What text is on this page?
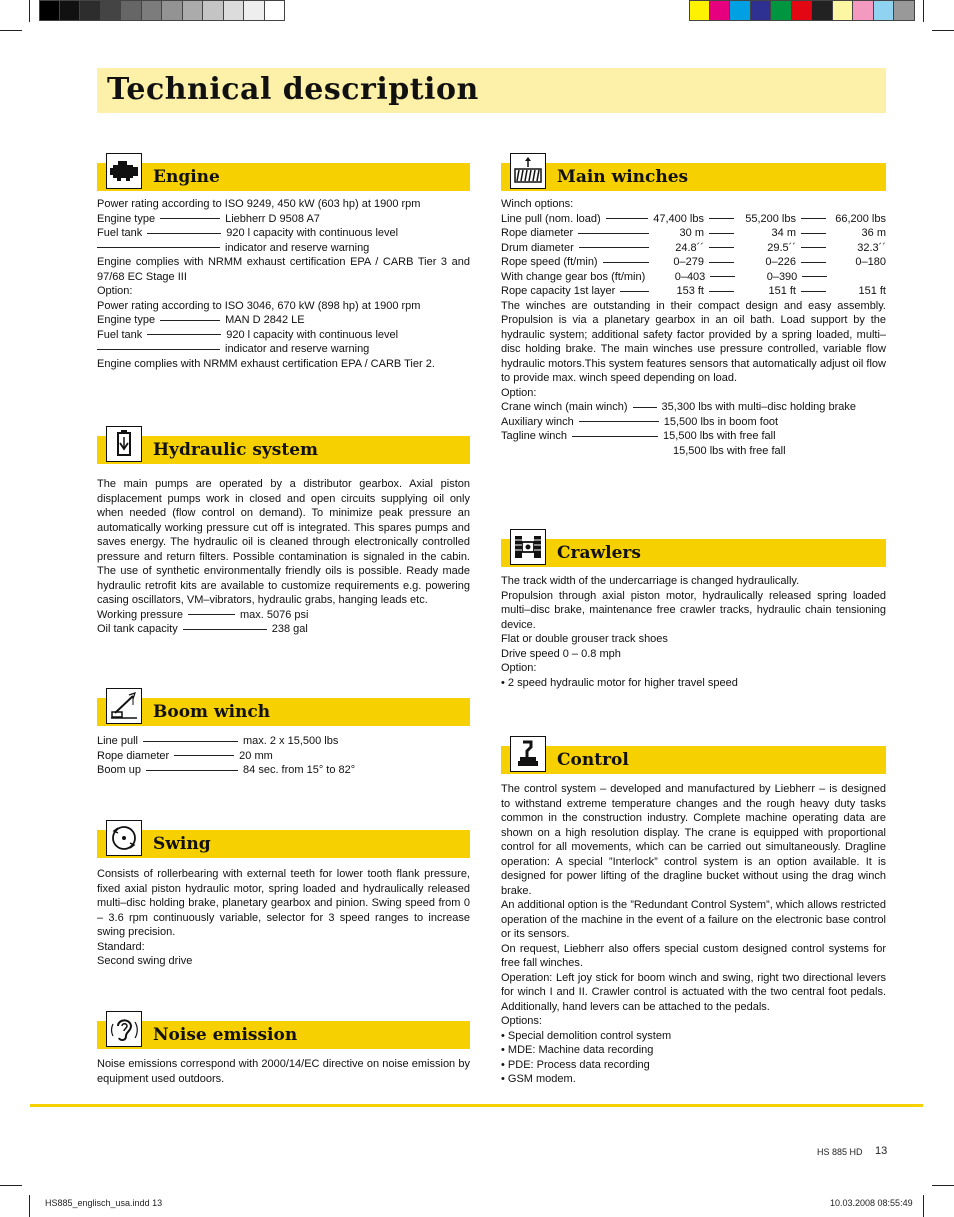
Technical description
Engine
Power rating according to ISO 9249, 450 kW (603 hp) at 1900 rpm
Engine type	Liebherr D 9508 A7
Fuel tank	920 l capacity with continuous level
indicator and reserve warning
Engine complies with NRMM exhaust certification EPA / CARB Tier 3 and 97/68 EC Stage III
Option:
Power rating according to ISO 3046, 670 kW (898 hp) at 1900 rpm
Engine type	MAN D 2842 LE
Fuel tank	920 l capacity with continuous level
indicator and reserve warning
Engine complies with NRMM exhaust certification EPA / CARB Tier 2.
Hydraulic system
The main pumps are operated by a distributor gearbox. Axial piston displacement pumps work in closed and open circuits supplying oil only when needed (flow control on demand). To minimize peak pressure an automatically working pressure cut off is integrated. This spares pumps and saves energy. The hydraulic oil is cleaned through electronically controlled pressure and return filters. Possible contamination is signaled in the cabin. The use of synthetic environmentally friendly oils is possible. Ready made hydraulic retrofit kits are available to customize requirements e.g. powering casing oscillators, VM–vibrators, hydraulic grabs, hanging leads etc.
Working pressure	max. 5076 psi
Oil tank capacity	238 gal
Boom winch
Line pull	max. 2 x 15,500 lbs
Rope diameter	20 mm
Boom up	84 sec. from 15° to 82°
Swing
Consists of rollerbearing with external teeth for lower tooth flank pressure, fixed axial piston hydraulic motor, spring loaded and hydraulically released multi–disc holding brake, planetary gearbox and pinion. Swing speed from 0 – 3.6 rpm continuously variable, selector for 3 speed ranges to increase swing precision.
Standard:
Second swing drive
Noise emission
Noise emissions correspond with 2000/14/EC directive on noise emission by equipment used outdoors.
Main winches
Winch options:
Line pull (nom. load)	47,400 lbs	55,200 lbs	66,200 lbs
Rope diameter	30 m	34 m	36 m
Drum diameter	24.8´´	29.5´´	32.3´´
Rope speed (ft/min)	0–279	0–226	0–180
With change gear bos (ft/min)	0–403	0–390
Rope capacity 1st layer	153 ft	151 ft	151 ft
The winches are outstanding in their compact design and easy assembly. Propulsion is via a planetary gearbox in an oil bath. Load support by the hydraulic system; additional safety factor provided by a spring loaded, multi–disc holding brake. The main winches use pressure controlled, variable flow hydraulic motors.This system features sensors that automatically adjust oil flow to provide max. winch speed depending on load.
Option:
Crane winch (main winch)	35,300 lbs with multi–disc holding brake
Auxiliary winch	15,500 lbs in boom foot
Tagline winch	15,500 lbs with free fall
15,500 lbs with free fall
Crawlers
The track width of the undercarriage is changed hydraulically.
Propulsion through axial piston motor, hydraulically released spring loaded multi–disc brake, maintenance free crawler tracks, hydraulic chain tensioning device.
Flat or double grouser track shoes
Drive speed 0 – 0.8 mph
Option:
• 2 speed hydraulic motor for higher travel speed
Control
The control system – developed and manufactured by Liebherr – is designed to withstand extreme temperature changes and the rough heavy duty tasks common in the construction industry. Complete machine operating data are shown on a high resolution display. The crane is equipped with proportional control for all movements, which can be carried out simultaneously. Dragline operation: A special ”Interlock” control system is an option available. It is designed for power lifting of the dragline bucket without using the drag winch brake.
An additional option is the ”Redundant Control System”, which allows restricted operation of the machine in the event of a failure on the electronic base control or its sensors.
On request, Liebherr also offers special custom designed control systems for free fall winches.
Operation: Left joy stick for boom winch and swing, right two directional levers for winch I and II. Crawler control is actuated with the two central foot pedals. Additionally, hand levers can be attached to the pedals.
Options:
• Special demolition control system
• MDE: Machine data recording
• PDE: Process data recording
• GSM modem.
HS 885 HD 13
HS885_englisch_usa.indd 13	10.03.2008 08:55:49
